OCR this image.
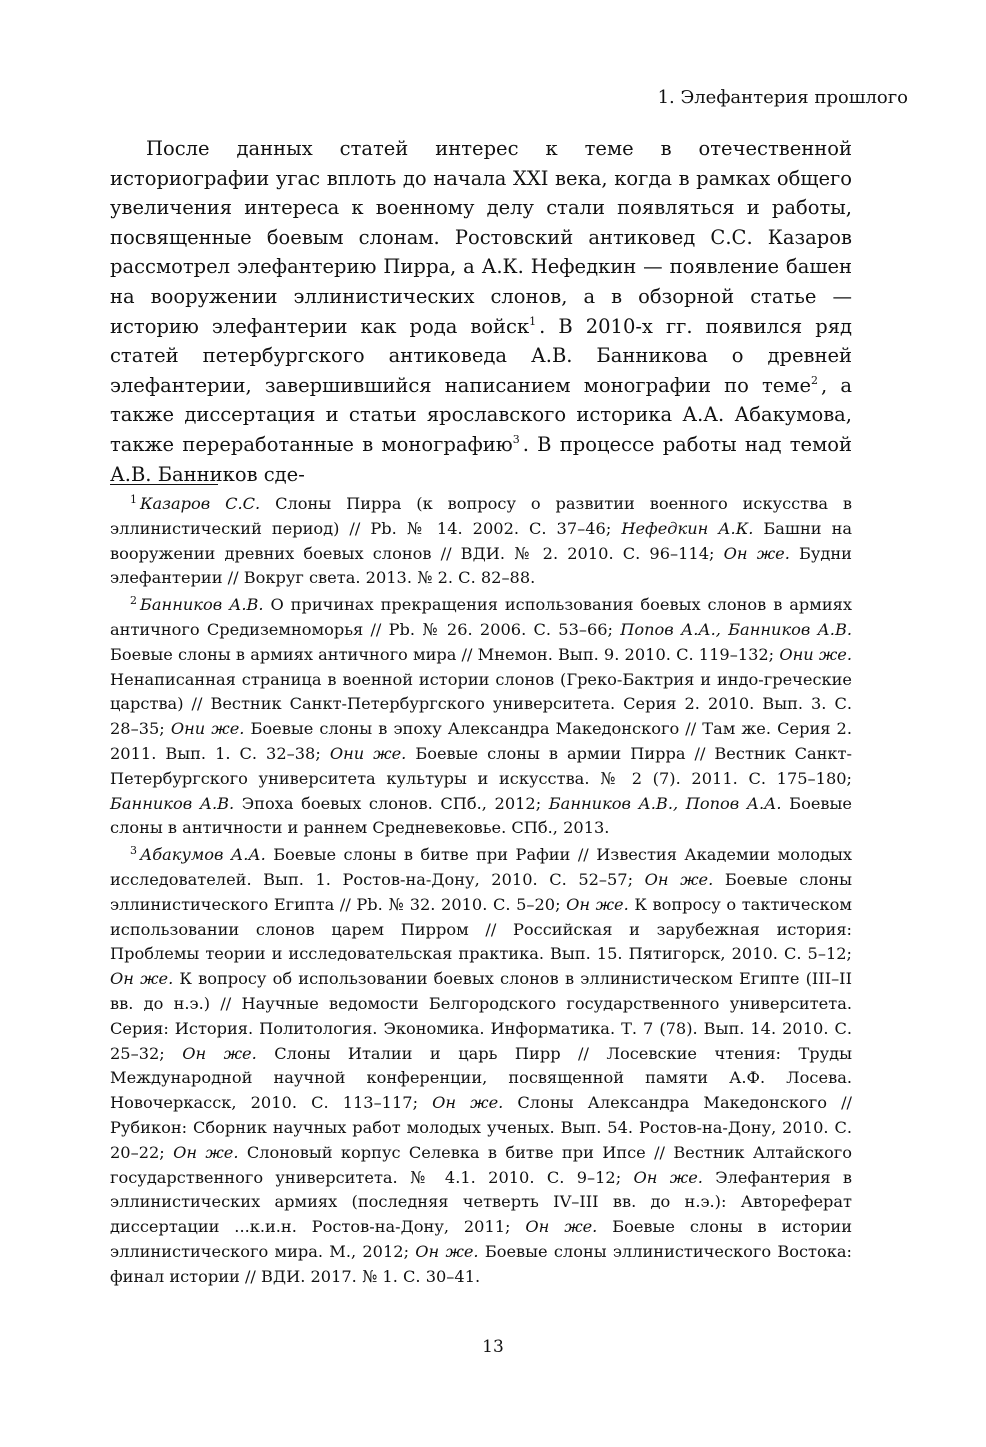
1. Элефантерия прошлого

После данных статей интерес к теме в отечественной историографии угас вплоть до начала XXI века, когда в рамках общего увеличения интереса к военному делу стали появляться и работы, посвященные боевым слонам. Ростовский антиковед С.С. Казаров рассмотрел элефантерию Пирра, а А.К. Нефедкин — появление башен на вооружении эллинистических слонов, а в обзорной статье — историю элефантерии как рода войск$^1$ . В 2010-х гг. появился ряд статей петербургского антиковеда А.В. Банникова о древней элефантерии, завершившийся написанием монографии по теме$^2$ , а также диссертация и статьи ярославского историка А.А. Абакумова, также переработанные в монографию$^3$ . В процессе работы над темой А.В. Банников сде-

$^1$ Казаров С.С. Слоны Пирра (к вопросу о развитии военного искусства в эллинистический период) // Pb. № 14. 2002. С. 37–46; Нефедкин А.К. Башни на вооружении древних боевых слонов // ВДИ. № 2. 2010. С. 96–114; Он же. Будни элефантерии // Вокруг света. 2013. № 2. С. 82–88.

$^2$ Банников А.В. О причинах прекращения использования боевых слонов в армиях античного Средиземноморья // Pb. № 26. 2006. С. 53–66; Попов А.А., Банников А.В. Боевые слоны в армиях античного мира // Мнемон. Вып. 9. 2010. С. 119–132; Они же. Ненаписанная страница в военной истории слонов (Греко-Бактрия и индо-греческие царства) // Вестник Санкт-Петербургского университета. Серия 2. 2010. Вып. 3. С. 28–35; Они же. Боевые слоны в эпоху Александра Македонского // Там же. Серия 2. 2011. Вып. 1. С. 32–38; Они же. Боевые слоны в армии Пирра // Вестник Санкт-Петербургского университета культуры и искусства. № 2 (7). 2011. С. 175–180; Банников А.В. Эпоха боевых слонов. СПб., 2012; Банников А.В., Попов А.А. Боевые слоны в античности и раннем Средневековье. СПб., 2013.

$^3$ Абакумов А.А. Боевые слоны в битве при Рафии // Известия Академии молодых исследователей. Вып. 1. Ростов-на-Дону, 2010. С. 52–57; Он же. Боевые слоны эллинистического Египта // Pb. № 32. 2010. С. 5–20; Он же. К вопросу о тактическом использовании слонов царем Пирром // Российская и зарубежная история: Проблемы теории и исследовательская практика. Вып. 15. Пятигорск, 2010. С. 5–12; Он же. К вопросу об использовании боевых слонов в эллинистическом Египте (III–II вв. до н.э.) // Научные ведомости Белгородского государственного университета. Серия: История. Политология. Экономика. Информатика. Т. 7 (78). Вып. 14. 2010. С. 25–32; Он же. Слоны Италии и царь Пирр // Лосевские чтения: Труды Международной научной конференции, посвященной памяти А.Ф. Лосева. Новочеркасск, 2010. С. 113–117; Он же. Слоны Александра Македонского // Рубикон: Сборник научных работ молодых ученых. Вып. 54. Ростов-на-Дону, 2010. С. 20–22; Он же. Слоновый корпус Селевка в битве при Ипсе // Вестник Алтайского государственного университета. № 4.1. 2010. С. 9–12; Он же. Элефантерия в эллинистических армиях (последняя четверть IV–III вв. до н.э.): Автореферат диссертации ...к.и.н. Ростов-на-Дону, 2011; Он же. Боевые слоны в истории эллинистического мира. М., 2012; Он же. Боевые слоны эллинистического Востока: финал истории // ВДИ. 2017. № 1. С. 30–41.

13
